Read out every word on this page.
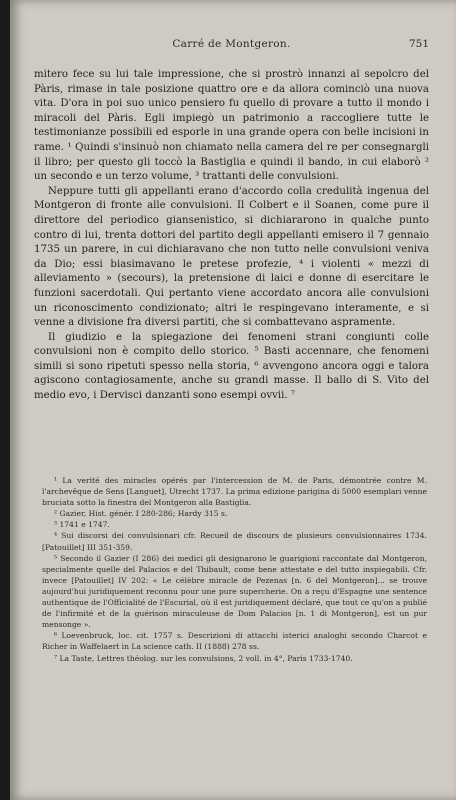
Carré de Montgeron.	751

mitero fece su lui tale impressione, che si prostrò innanzi al sepolcro del Pàris, rimase in tale posizione quattro ore e da allora cominciò una nuova vita. D'ora in poi suo unico pensiero fu quello di provare a tutto il mondo i miracoli del Pàris. Egli impiegò un patrimonio a raccogliere tutte le testimonianze possibili ed esporle in una grande opera con belle incisioni in rame. ¹ Quindi s'insinuò non chiamato nella camera del re per consegnargli il libro; per questo gli toccò la Bastiglia e quindi il bando, in cui elaborò ² un secondo e un terzo volume, ³ trattanti delle convulsioni.

Neppure tutti gli appellanti erano d'accordo colla credulità ingenua del Montgeron di fronte alle convulsioni. Il Colbert e il Soanen, come pure il direttore del periodico giansenistico, si dichiararono in qualche punto contro di lui, trenta dottori del partito degli appellanti emisero il 7 gennaio 1735 un parere, in cui dichiaravano che non tutto nelle convulsioni veniva da Dio; essi biasimavano le pretese profezie, ⁴ i violenti « mezzi di alleviamento » (secours), la pretensione di laici e donne di esercitare le funzioni sacerdotali. Qui pertanto viene accordato ancora alle convulsioni un riconoscimento condizionato; altri le respingevano interamente, e si venne a divisione fra diversi partiti, che si combattevano aspramente.

Il giudizio e la spiegazione dei fenomeni strani congiunti colle convulsioni non è compito dello storico. ⁵ Basti accennare, che fenomeni simili si sono ripetuti spesso nella storia, ⁶ avvengono ancora oggi e talora agiscono contagiosamente, anche su grandi masse. Il ballo di S. Vito del medio evo, i Dervisci danzanti sono esempi ovvii. ⁷

¹ La verité des miracles opérés par l'intercession de M. de Paris, démontrée contre M. l'archevêque de Sens [Languet], Utrecht 1737. La prima edizione parigina di 5000 esemplari venne bruciata sotto la finestra del Montgeron alla Bastiglia.

² Gazier, Hist. génér. I 280-286; Hardy 315 s.

³ 1741 e 1747.

⁴ Sui discorsi dei convulsionari cfr. Recueil de discours de plusieurs convulsionnaires 1734. [Patouillet] III 351-359.

⁵ Secondo il Gazier (I 286) dei medici gli designarono le guarigioni raccontate dal Montgeron, specialmente quelle del Palacios e del Thibault, come bene attestate e del tutto inspiegabili. Cfr. invece [Patouillet] IV 202: « Le célèbre miracle de Pezenas [n. 6 del Montgeron]... se trouve aujourd'hui juridiquement reconnu pour une pure supercherie. On a reçu d'Espagne une sentence authentique de l'Officialité de l'Escurial, où il est juridiquement déclaré, que tout ce qu'on a publié de l'infirmité et de la guérison miraculeuse de Dom Palacios [n. 1 di Montgeron], est un pur mensonge ».

⁶ Loevenbruck, loc. cit. 1757 s. Descrizioni di attacchi isterici analoghi secondo Charcot e Richer in Waffelaert in La science cath. II (1888) 278 ss.

⁷ La Taste, Lettres théolog. sur les convulsions, 2 voll. in 4°, Paris 1733-1740.
